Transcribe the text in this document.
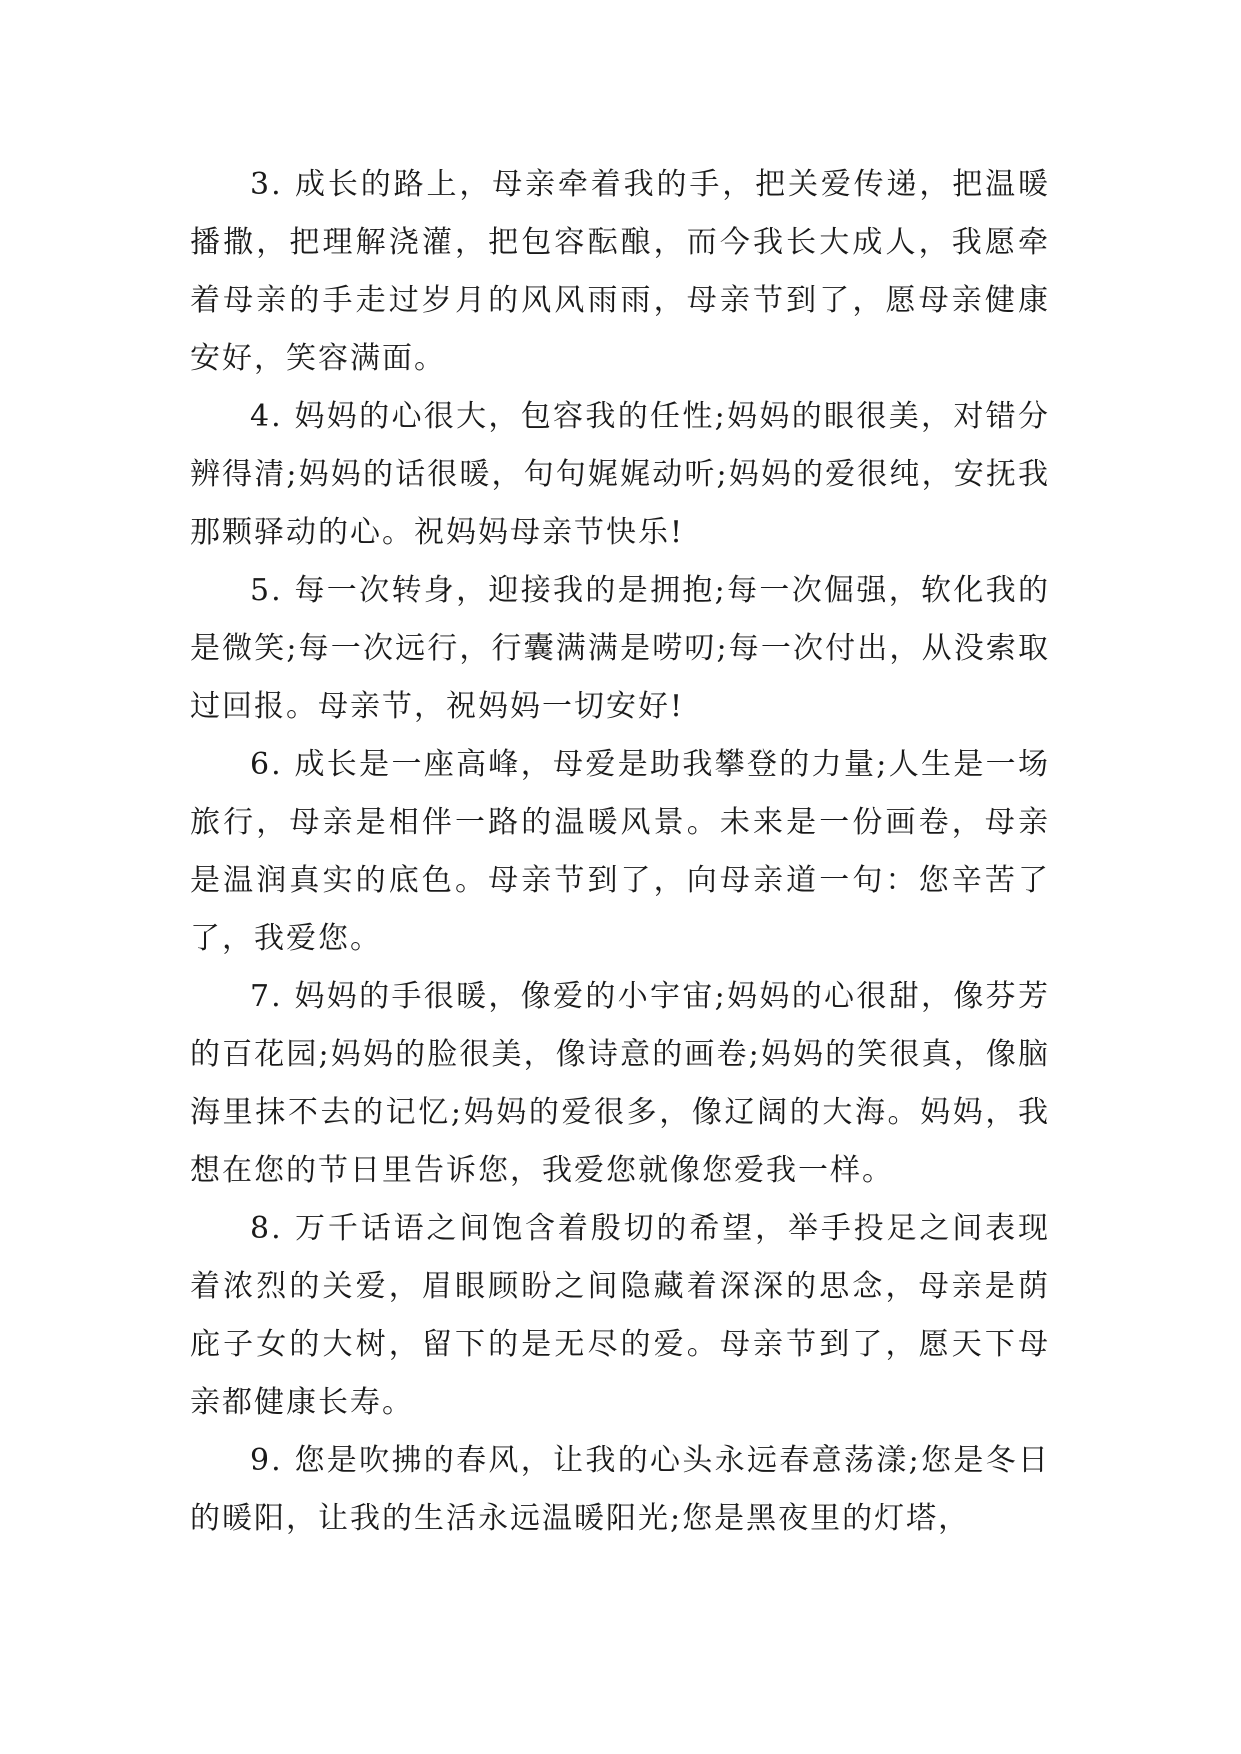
3. 成长的路上，母亲牵着我的手，把关爱传递，把温暖播撒，把理解浇灌，把包容酝酿，而今我长大成人，我愿牵着母亲的手走过岁月的风风雨雨，母亲节到了，愿母亲健康安好，笑容满面。

4. 妈妈的心很大，包容我的任性;妈妈的眼很美，对错分辨得清;妈妈的话很暖，句句娓娓动听;妈妈的爱很纯，安抚我那颗驿动的心。祝妈妈母亲节快乐!

5. 每一次转身，迎接我的是拥抱;每一次倔强，软化我的是微笑;每一次远行，行囊满满是唠叨;每一次付出，从没索取过回报。母亲节，祝妈妈一切安好!

6. 成长是一座高峰，母爱是助我攀登的力量;人生是一场旅行，母亲是相伴一路的温暖风景。未来是一份画卷，母亲是温润真实的底色。母亲节到了，向母亲道一句：您辛苦了了，我爱您。

7. 妈妈的手很暖，像爱的小宇宙;妈妈的心很甜，像芬芳的百花园;妈妈的脸很美，像诗意的画卷;妈妈的笑很真，像脑海里抹不去的记忆;妈妈的爱很多，像辽阔的大海。妈妈，我想在您的节日里告诉您，我爱您就像您爱我一样。

8. 万千话语之间饱含着殷切的希望，举手投足之间表现着浓烈的关爱，眉眼顾盼之间隐藏着深深的思念，母亲是荫庇子女的大树，留下的是无尽的爱。母亲节到了，愿天下母亲都健康长寿。

9. 您是吹拂的春风，让我的心头永远春意荡漾;您是冬日的暖阳，让我的生活永远温暖阳光;您是黑夜里的灯塔，
